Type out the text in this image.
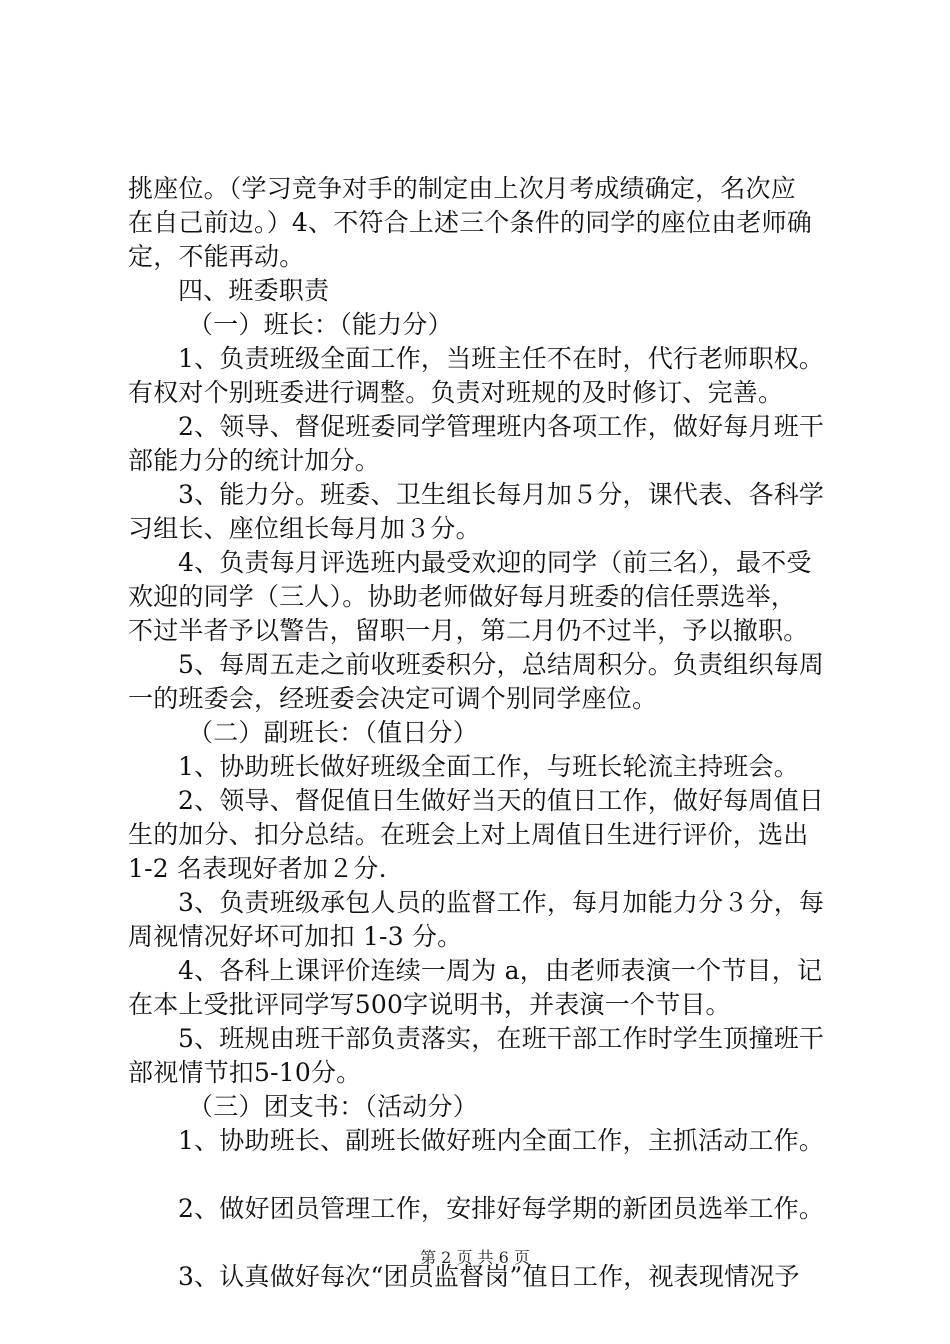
挑座位。（学习竞争对手的制定由上次月考成绩确定，名次应
在自己前边。）4、不符合上述三个条件的同学的座位由老师确
定，不能再动。
四、班委职责
（一）班长：（能力分）
1、负责班级全面工作，当班主任不在时，代行老师职权。
有权对个别班委进行调整。负责对班规的及时修订、完善。
2、领导、督促班委同学管理班内各项工作，做好每月班干
部能力分的统计加分。
3、能力分。班委、卫生组长每月加５分，课代表、各科学
习组长、座位组长每月加３分。
4、负责每月评选班内最受欢迎的同学（前三名），最不受
欢迎的同学（三人）。协助老师做好每月班委的信任票选举，
不过半者予以警告，留职一月，第二月仍不过半，予以撤职。
5、每周五走之前收班委积分，总结周积分。负责组织每周
一的班委会，经班委会决定可调个别同学座位。
（二）副班长：（值日分）
1、协助班长做好班级全面工作，与班长轮流主持班会。
2、领导、督促值日生做好当天的值日工作，做好每周值日
生的加分、扣分总结。在班会上对上周值日生进行评价，选出
1-2 名表现好者加２分.
3、负责班级承包人员的监督工作，每月加能力分３分，每
周视情况好坏可加扣 1-3 分。
4、各科上课评价连续一周为 a，由老师表演一个节目，记
在本上受批评同学写500字说明书，并表演一个节目。
5、班规由班干部负责落实，在班干部工作时学生顶撞班干
部视情节扣5-10分。
（三）团支书：（活动分）
1、协助班长、副班长做好班内全面工作，主抓活动工作。
2、做好团员管理工作，安排好每学期的新团员选举工作。
3、认真做好每次“团员监督岗”值日工作，视表现情况予
第 2 页 共 6 页
